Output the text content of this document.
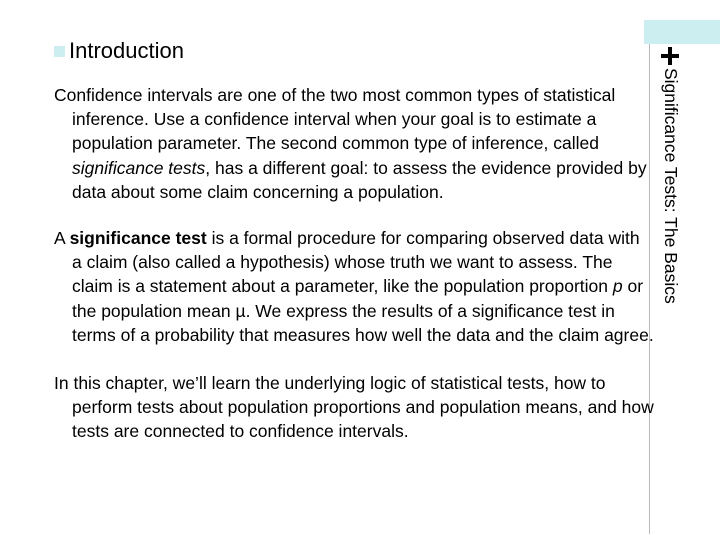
Significance Tests: The Basics
Introduction

Confidence intervals are one of the two most common types of statistical inference. Use a confidence interval when your goal is to estimate a population parameter. The second common type of inference, called significance tests, has a different goal: to assess the evidence provided by data about some claim concerning a population.

A significance test is a formal procedure for comparing observed data with a claim (also called a hypothesis) whose truth we want to assess. The claim is a statement about a parameter, like the population proportion p or the population mean µ. We express the results of a significance test in terms of a probability that measures how well the data and the claim agree.

In this chapter, we’ll learn the underlying logic of statistical tests, how to perform tests about population proportions and population means, and how tests are connected to confidence intervals.
